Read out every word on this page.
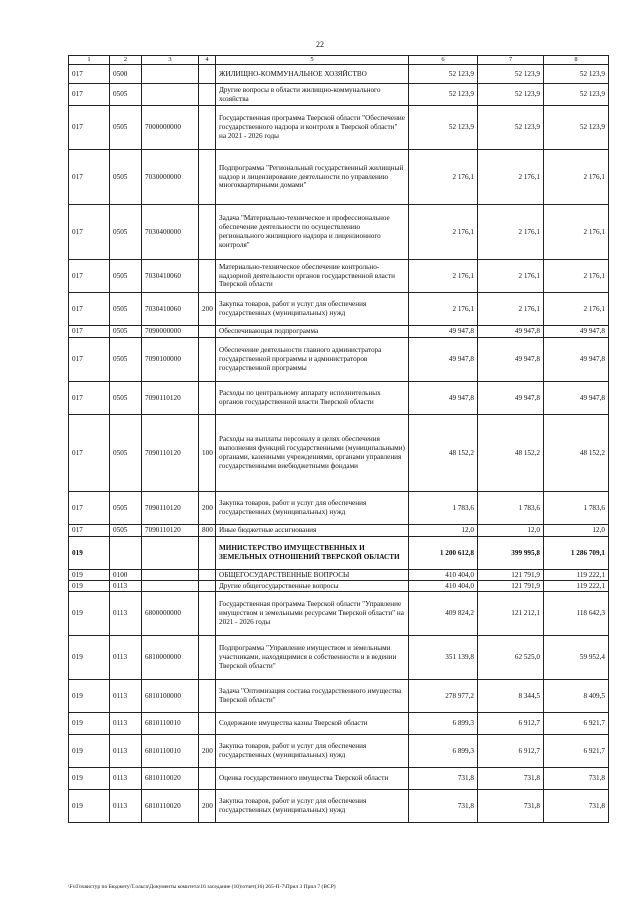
22
1	2	3	4	5	6	7	8
017	0500			ЖИЛИЩНО-КОММУНАЛЬНОЕ ХОЗЯЙСТВО	52 123,9	52 123,9	52 123,9
017	0505			Другие вопросы в области жилищно-коммунального хозяйства	52 123,9	52 123,9	52 123,9
017	0505	7000000000		Государственная программа Тверской области "Обеспечение государственного надзора и контроля в Тверской области" на 2021 - 2026 годы	52 123,9	52 123,9	52 123,9
017	0505	7030000000		Подпрограмма "Региональный государственный жилищный надзор и лицензирование деятельности по управлению многоквартирными домами"	2 176,1	2 176,1	2 176,1
017	0505	7030400000		Задача "Материально-техническое и профессиональное обеспечение деятельности по осуществлению регионального жилищного надзора и лицензионного контроля"	2 176,1	2 176,1	2 176,1
017	0505	7030410060		Материально-техническое обеспечение контрольно-надзорной деятельности органов государственной власти Тверской области	2 176,1	2 176,1	2 176,1
017	0505	7030410060	200	Закупка товаров, работ и услуг для обеспечения государственных (муниципальных) нужд	2 176,1	2 176,1	2 176,1
017	0505	7090000000		Обеспечивающая подпрограмма	49 947,8	49 947,8	49 947,8
017	0505	7090100000		Обеспечение деятельности главного администратора государственной программы и администраторов государственной программы	49 947,8	49 947,8	49 947,8
017	0505	7090110120		Расходы по центральному аппарату исполнительных органов государственной власти Тверской области	49 947,8	49 947,8	49 947,8
017	0505	7090110120	100	Расходы на выплаты персоналу в целях обеспечения выполнения функций государственными (муниципальными) органами, казенными учреждениями, органами управления государственными внебюджетными фондами	48 152,2	48 152,2	48 152,2
017	0505	7090110120	200	Закупка товаров, работ и услуг для обеспечения государственных (муниципальных) нужд	1 783,6	1 783,6	1 783,6
017	0505	7090110120	800	Иные бюджетные ассигнования	12,0	12,0	12,0
019				МИНИСТЕРСТВО ИМУЩЕСТВЕННЫХ И ЗЕМЕЛЬНЫХ ОТНОШЕНИЙ ТВЕРСКОЙ ОБЛАСТИ	1 200 612,8	399 995,8	1 286 709,1
019	0100			ОБЩЕГОСУДАРСТВЕННЫЕ ВОПРОСЫ	410 404,0	121 791,9	119 222,1
019	0113			Другие общегосударственные вопросы	410 404,0	121 791,9	119 222,1
019	0113	6800000000		Государственная программа Тверской области "Управление имуществом и земельными ресурсами Тверской области" на 2021 - 2026 годы	409 824,2	121 212,1	118 642,3
019	0113	6810000000		Подпрограмма "Управление имуществом и земельными участниками, находящимися в собственности и в ведении Тверской области"	351 139,8	62 525,0	59 952,4
019	0113	6810100000		Задача "Оптимизация состава государственного имущества Тверской области"	278 977,2	8 344,5	8 409,5
019	0113	6810110010		Содержание имущества казны Тверской области	6 899,3	6 912,7	6 921,7
019	0113	6810110010	200	Закупка товаров, работ и услуг для обеспечения государственных (муниципальных) нужд	6 899,3	6 912,7	6 921,7
019	0113	6810110020		Оценка государственного имущества Тверской области	731,8	731,8	731,8
019	0113	6810110020	200	Закупка товаров, работ и услуг для обеспечения государственных (муниципальных) нужд	731,8	731,8	731,8
\Fs\Гохвистур по Бюджету\Т.ольга\Документы комитета\16 заседание (10)\отчет(16) 265-П-7\Прил 3 Прил 7 (ВСР)
